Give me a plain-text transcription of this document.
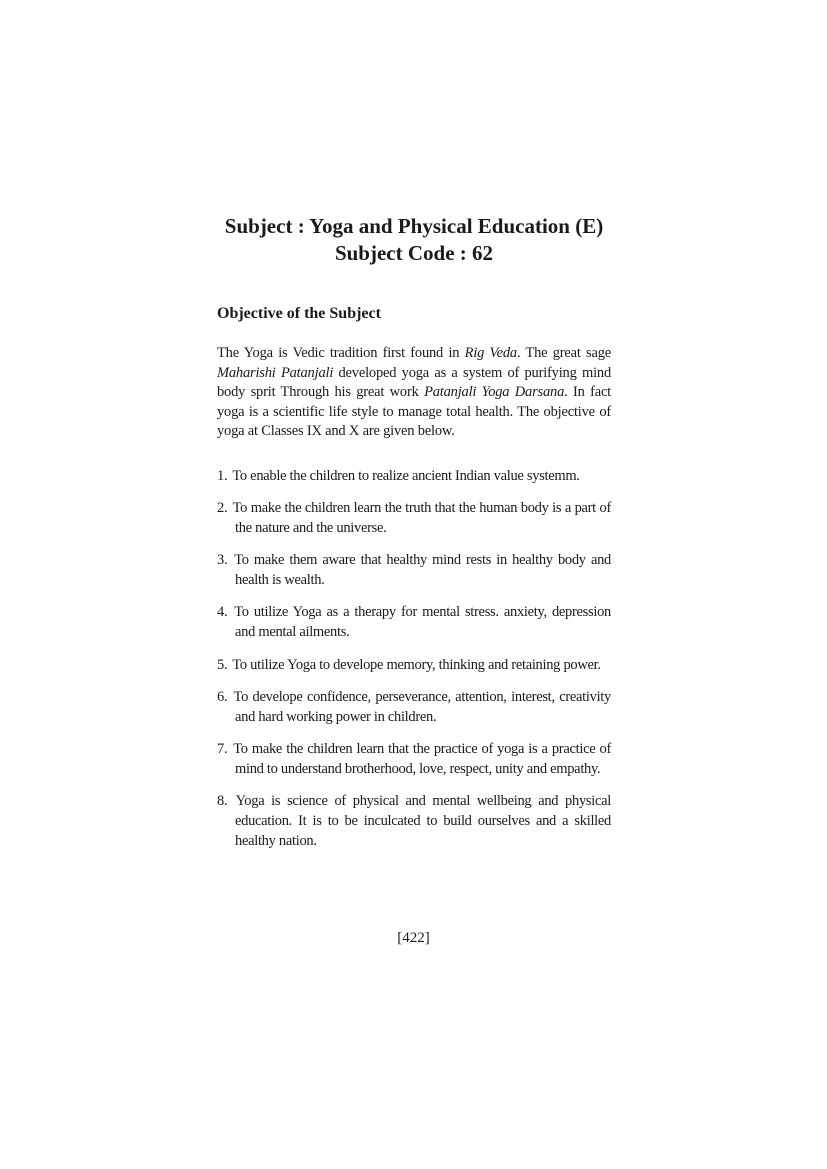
Subject : Yoga and Physical Education (E)
Subject Code : 62
Objective of the Subject

The Yoga is Vedic tradition first found in Rig Veda. The great sage Maharishi Patanjali developed yoga as a system of purifying mind body sprit Through his great work Patanjali Yoga Darsana. In fact yoga is a scientific life style to manage total health. The objective of yoga at Classes IX and X are given below.

1. To enable the children to realize ancient Indian value systemm.
2. To make the children learn the truth that the human body is a part of the nature and the universe.
3. To make them aware that healthy mind rests in healthy body and health is wealth.
4. To utilize Yoga as a therapy for mental stress. anxiety, depression and mental ailments.
5. To utilize Yoga to develope memory, thinking and retaining power.
6. To develope confidence, perseverance, attention, interest, creativity and hard working power in children.
7. To make the children learn that the practice of yoga is a practice of mind to understand brotherhood, love, respect, unity and empathy.
8. Yoga is science of physical and mental wellbeing and physical education. It is to be inculcated to build ourselves and a skilled healthy nation.
[422]
